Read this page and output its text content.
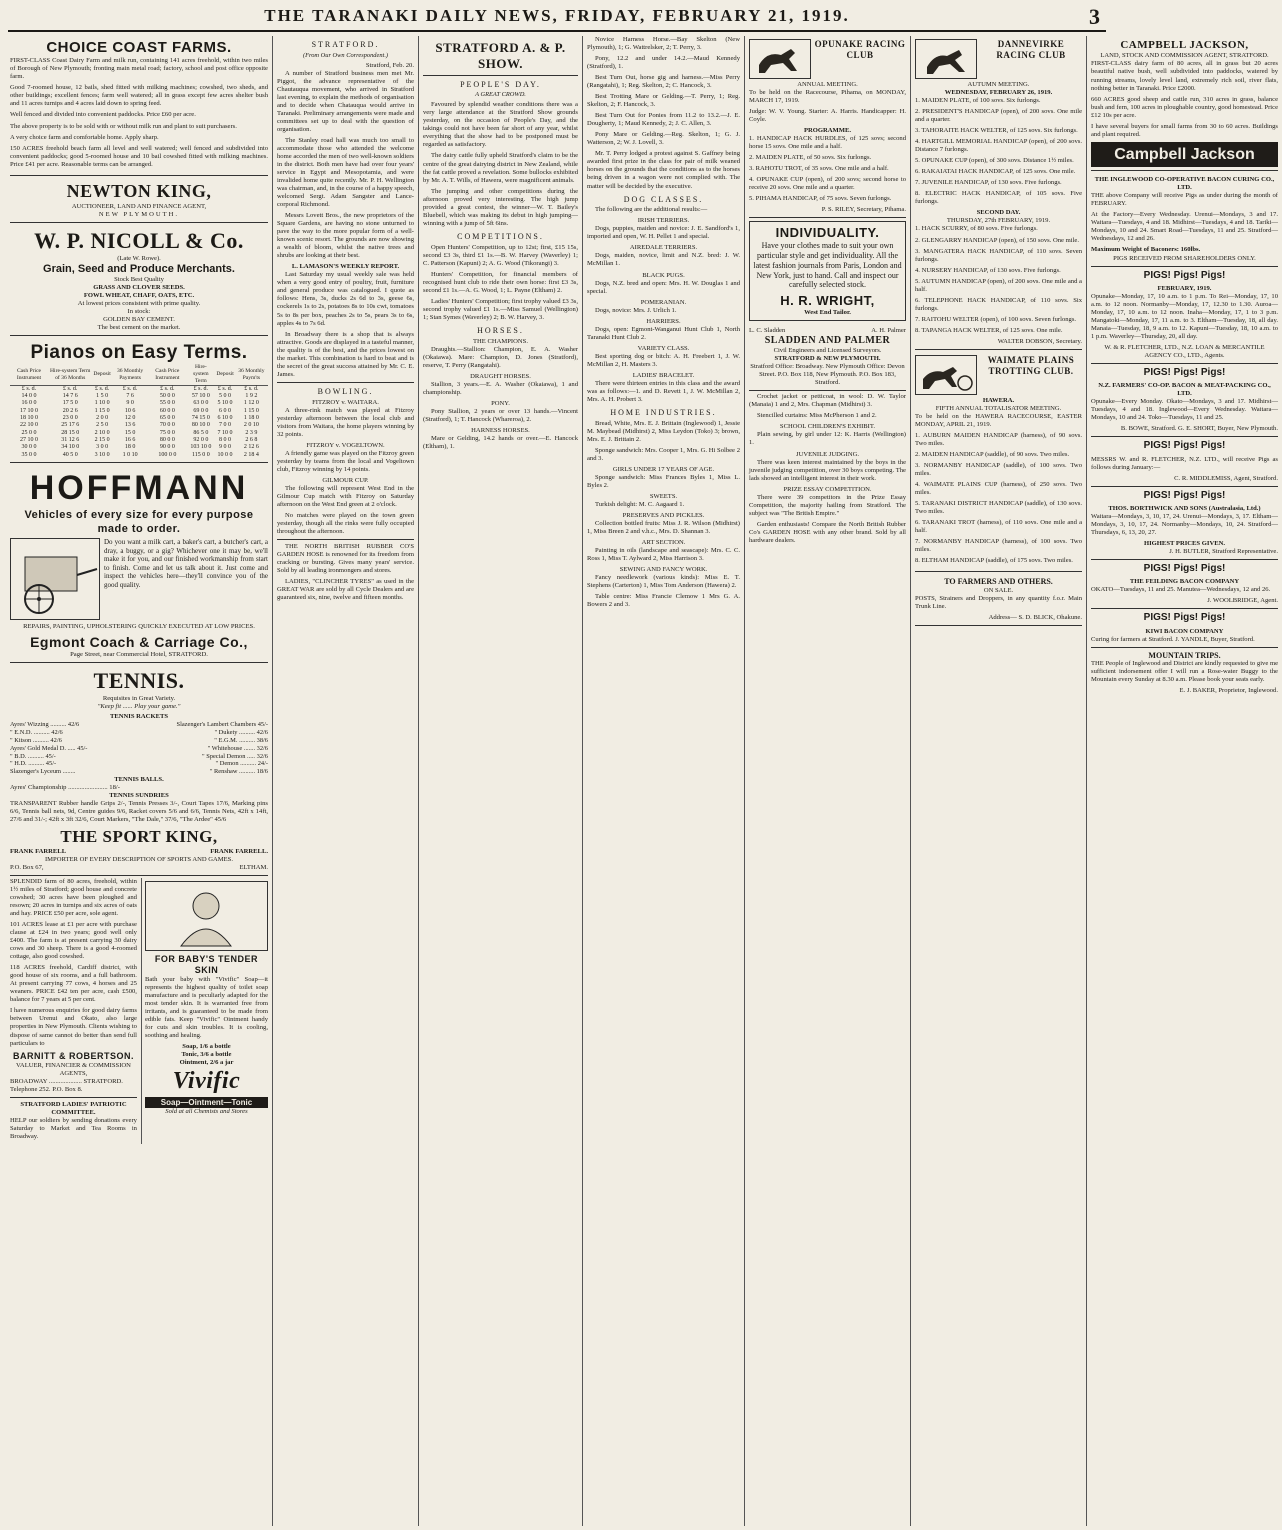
THE TARANAKI DAILY NEWS, FRIDAY, FEBRUARY 21, 1919.	3
CHOICE COAST FARMS.

FIRST-CLASS Coast Dairy Farm and milk run, containing 141 acres freehold, within two miles of Borough of New Plymouth; fronting main metal road; factory, school and post office opposite farm.

Good 7-roomed house, 12 bails, shed fitted with milking machines; cowshed, two sheds, and other buildings; excellent fences; farm well watered; all in grass except few acres shelter bush and 11 acres turnips and 4 acres laid down to spring feed.

Well fenced and divided into convenient paddocks. Price £60 per acre.

The above property is to be sold with or without milk run and plant to suit purchasers.

A very choice farm and comfortable home. Apply sharp.

150 ACRES freehold beach farm all level and well watered; well fenced and subdivided into convenient paddocks; good 5-roomed house and 10 bail cowshed fitted with milking machines. Price £41 per acre. Reasonable terms can be arranged.

NEWTON KING,
AUCTIONEER, LAND AND FINANCE AGENT,
NEW PLYMOUTH.
W. P. NICOLL & Co.
(Late W. Rowe).
Grain, Seed and Produce Merchants.
Stock Best Quality
GRASS AND CLOVER SEEDS.
FOWL WHEAT, CHAFF, OATS, ETC.
At lowest prices consistent with prime quality.
In stock:
GOLDEN BAY CEMENT.
The best cement on the market.
Pianos on Easy Terms.
Cash Price Instrument	Hire-system Term of 36 Months	Deposit	36 Monthly Payments	Cash Price Instrument	Hire-system Term	Deposit	36 Monthly Paym'ts
£ s. d.	£ s. d.	£ s. d.	£ s. d.	£ s. d.	£ s. d.	£ s. d.	£ s. d.
14 0 0	14 7 6	1 5 0	7 6	50 0 0	57 10 0	5 0 0	1 9 2
16 0 0	17 5 0	1 10 0	9 0	55 0 0	63 0 0	5 10 0	1 12 0
17 10 0	20 2 6	1 15 0	10 6	60 0 0	69 0 0	6 0 0	1 15 0
18 10 0	23 0 0	2 0 0	12 0	65 0 0	74 15 0	6 10 0	1 18 0
22 10 0	25 17 6	2 5 0	13 6	70 0 0	80 10 0	7 0 0	2 0 10
25 0 0	28 15 0	2 10 0	15 0	75 0 0	86 5 0	7 10 0	2 3 9
27 10 0	31 12 6	2 15 0	16 6	80 0 0	92 0 0	8 0 0	2 6 8
30 0 0	34 10 0	3 0 0	18 0	90 0 0	103 10 0	9 0 0	2 12 6
35 0 0	40 5 0	3 10 0	1 0 10	100 0 0	115 0 0	10 0 0	2 18 4
HOFFMANN
Vehicles of every size for every purpose made to order.

Do you want a milk cart, a baker's cart, a butcher's cart, a dray, a buggy, or a gig? Whichever one it may be, we'll make it for you, and our finished workmanship from start to finish. Come and let us talk about it. Just come and inspect the vehicles here—they'll convince you of the good quality.

REPAIRS, PAINTING, UPHOLSTERING QUICKLY EXECUTED AT LOW PRICES.
Egmont Coach & Carriage Co.,
Page Street, near Commercial Hotel, STRATFORD.
TENNIS.
Requisites in Great Variety.
"Keep fit ...... Play your game."
TENNIS RACKETS
Ayres' Wizzing .......... 42/6	Slazenger's Lambert Chambers 45/-
" E.N.D. .......... 42/6	" Dukety .......... 42/6
" Kitson .......... 42/6	" E.G.M. .......... 38/6
Ayres' Gold Medal D. ..... 45/-	" Whitehouse ....... 32/6
" B.D. .......... 45/-	" Special Demon ..... 32/6
" H.D. .......... 45/-	" Demon .......... 24/-
Slazenger's Lyceum ........	" Renshaw .......... 18/6
TENNIS BALLS.
Ayres' Championship ........................ 18/-
TENNIS SUNDRIES

TRANSPARENT Rubber handle Grips 2/-, Tennis Presses 3/-, Court Tapes 17/6, Marking pins 6/6, Tennis ball nets, 9d, Centre guides 9/6, Racket covers 5/6 and 6/6, Tennis Nets, 42ft x 14ft, 27/6 and 31/-; 42ft x 3ft 32/6, Court Markers, "The Dale," 37/6, "The Ardee" 45/6

THE SPORT KING,
FRANK FARRELL	FRANK FARRELL.
IMPORTER OF EVERY DESCRIPTION OF SPORTS AND GAMES.
P.O. Box 67,	ELTHAM.

SPLENDID farm of 80 acres, freehold, within 1½ miles of Stratford; good house and concrete cowshed; 30 acres have been ploughed and resown; 20 acres in turnips and six acres of oats and hay. PRICE £50 per acre, sole agent.

101 ACRES lease at £1 per acre with purchase clause at £24 in two years; good well only £400. The farm is at present carrying 30 dairy cows and 30 sheep. There is a good 4-roomed cottage, also good cowshed.

118 ACRES freehold, Cardiff district, with good house of six rooms, and a full bathroom. At present carrying 77 cows, 4 horses and 25 weaners. PRICE £42 ten per acre, cash £500, balance for 7 years at 5 per cent.

I have numerous enquiries for good dairy farms between Urenui and Okato, also large properties in New Plymouth. Clients wishing to dispose of same cannot do better than send full particulars to

BARNITT & ROBERTSON.
VALUER, FINANCIER & COMMISSION AGENTS,
BROADWAY .................... STRATFORD.
Telephone 252. P.O. Box 8.
STRATFORD LADIES' PATRIOTIC COMMITTEE.

HELP our soldiers by sending donations every Saturday to Market and Tea Rooms in Broadway.

FOR BABY'S TENDER SKIN

Bath your baby with "Vivific" Soap—it represents the highest quality of toilet soap manufacture and is peculiarly adapted for the most tender skin. It is warranted free from irritants, and is guaranteed to be made from edible fats. Keep "Vivific" Ointment handy for cuts and skin troubles. It is cooling, soothing and healing.

Soap, 1/6 a bottle
Tonic, 3/6 a bottle
Ointment, 2/6 a jar
Vivific
Soap—Ointment—Tonic
Sold at all Chemists and Stores
STRATFORD.
(From Our Own Correspondent.)
Stratford, Feb. 20.

A number of Stratford business men met Mr. Piggot, the advance representative of the Chautauqua movement, who arrived in Stratford last evening, to explain the methods of organisation and to decide when Chatauqua would arrive in Taranaki. Preliminary arrangements were made and committees set up to deal with the question of organisation.

The Stanley road hall was much too small to accommodate those who attended the welcome home accorded the men of two well-known soldiers in the district. Both men have had over four years' service in Egypt and Mesopotamia, and were invalided home quite recently. Mr. P. H. Wellington was chairman, and, in the course of a happy speech, welcomed Sergt. Adam Sangster and Lance-corporal Richmond.

Messrs Lovett Bros., the new proprietors of the Square Gardens, are having no stone unturned to pave the way to the more popular form of a well-known scenic resort. The grounds are now showing a wealth of bloom, whilst the native trees and shrubs are looking at their best.

L. LAMASON'S WEEKLY REPORT.

Last Saturday my usual weekly sale was held when a very good entry of poultry, fruit, furniture and general produce was catalogued. I quote as follows: Hens, 3s, ducks 2s 6d to 3s, geese 6s, cockerels 1s to 2s, potatoes 8s to 10s cwt, tomatoes 5s to 8s per box, peaches 2s to 5s, pears 3s to 6s, apples 4s to 7s 6d.

In Broadway there is a shop that is always attractive. Goods are displayed in a tasteful manner, the quality is of the best, and the prices lowest on the market. This combination is hard to beat and is the secret of the great success attained by Mr. C. E. James.

BOWLING.
FITZROY v. WAITARA.

A three-rink match was played at Fitzroy yesterday afternoon between the local club and visitors from Waitara, the home players winning by 32 points.

FITZROY v. VOGELTOWN.

A friendly game was played on the Fitzroy green yesterday by teams from the local and Vogeltown club, Fitzroy winning by 14 points.

GILMOUR CUP.

The following will represent West End in the Gilmour Cup match with Fitzroy on Saturday afternoon on the West End green at 2 o'clock.

No matches were played on the town green yesterday, though all the rinks were fully occupied throughout the afternoon.

THE NORTH BRITISH RUBBER CO'S GARDEN HOSE is renowned for its freedom from cracking or bursting. Gives many years' service. Sold by all leading ironmongers and stores.

LADIES, "CLINCHER TYRES" as used in the GREAT WAR are sold by all Cycle Dealers and are guaranteed six, nine, twelve and fifteen months.

STRATFORD A. & P. SHOW.
PEOPLE'S DAY.
A GREAT CROWD.

Favoured by splendid weather conditions there was a very large attendance at the Stratford Show grounds yesterday, on the occasion of People's Day, and the takings could not have been far short of any year, whilst everything that the show had to be postponed must be regarded as satisfactory.

The dairy cattle fully upheld Stratford's claim to be the centre of the great dairying district in New Zealand, while the fat cattle proved a revelation. Some bullocks exhibited by Mr. A. T. Wills, of Hawera, were magnificent animals.

The jumping and other competitions during the afternoon proved very interesting. The high jump provided a great contest, the winner—W. T. Bailey's Bluebell, which was making its debut in high jumping—winning with a jump of 5ft 6ins.

COMPETITIONS.

Open Hunters' Competition, up to 12st; first, £15 15s, second £3 3s, third £1 1s.—B. W. Harvey (Waverley) 1; C. Patterson (Kapuni) 2; A. G. Wood (Tikorangi) 3.

Hunters' Competition, for financial members of recognised hunt club to ride their own horse: first £3 3s, second £1 1s.—A. G. Wood, 1; L. Payne (Eltham) 2.

Ladies' Hunters' Competition; first trophy valued £3 3s, second trophy valued £1 1s.—Miss Samuel (Wellington) 1; Stan Symes (Waverley) 2; B. W. Harvey, 3.

HORSES.
THE CHAMPIONS.

Draughts.—Stallion: Champion, E. A. Washer (Okaiawa). Mare: Champion, D. Jones (Stratford), reserve, T. Perry (Rangatahi).

DRAUGHT HORSES.

Stallion, 3 years.—E. A. Washer (Okaiawa), 1 and championship.

PONY.

Pony Stallion, 2 years or over 13 hands.—Vincent (Stratford), 1; T. Hancock (Whareroa), 2.

HARNESS HORSES.

Mare or Gelding, 14.2 hands or over.—E. Hancock (Eltham), 1.

Novice Harness Horse.—Bay Skelton (New Plymouth), 1; G. Wattrelsker, 2; T. Perry, 3.

Pony, 12.2 and under 14.2.—Maud Kennedy (Stratford), 1.

Best Turn Out, horse gig and harness.—Miss Perry (Rangatahi), 1; Reg. Skelton, 2; C. Hancock, 3.

Best Trotting Mare or Gelding.—T. Perry, 1; Reg. Skelton, 2; F. Hancock, 3.

Best Turn Out for Ponies from 11.2 to 13.2.—J. E. Dougherty, 1; Maud Kennedy, 2; J. C. Allen, 3.

Pony Mare or Gelding.—Reg. Skelton, 1; G. J. Watterson, 2; W. J. Lovell, 3.

Mr. T. Perry lodged a protest against S. Gaffney being awarded first prize in the class for pair of milk weaned horses on the grounds that the conditions as to the horses being driven in a wagon were not complied with. The matter will be decided by the executive.

DOG CLASSES.

The following are the additional results:—

IRISH TERRIERS.

Dogs, puppies, maiden and novice: J. E. Sandford's 1, imported and open, W. H. Pellet 1 and special.

AIREDALE TERRIERS.

Dogs, maiden, novice, limit and N.Z. bred: J. W. McMillan 1.

BLACK PUGS.

Dogs, N.Z. bred and open: Mrs. H. W. Douglas 1 and special.

POMERANIAN.

Dogs, novice: Mrs. J. Urlich 1.

HARRIERS.

Dogs, open: Egmont-Wanganui Hunt Club 1, North Taranaki Hunt Club 2.

VARIETY CLASS.

Best sporting dog or bitch: A. H. Freebert 1, J. W. McMillan 2, H. Masters 3.

LADIES' BRACELET.

There were thirteen entries in this class and the award was as follows:—1. and D. Revett 1, J. W. McMillan 2, Mrs. A. H. Probert 3.

HOME INDUSTRIES.

Bread, White, Mrs. E. J. Brittain (Inglewood) 1, Jessie M. Maybead (Midhirst) 2, Miss Leydon (Toko) 3; brown, Mrs. E. J. Brittain 2.

Sponge sandwich: Mrs. Cooper 1, Mrs. G. Hi Solbee 2 and 3.

GIRLS UNDER 17 YEARS OF AGE.

Sponge sandwich: Miss Frances Byles 1, Miss L. Byles 2.

SWEETS.

Turkish delight: M. C. Aagaard 1.

PRESERVES AND PICKLES.

Collection bottled fruits: Miss J. R. Wilson (Midhirst) 1, Miss Breen 2 and v.h.c., Mrs. D. Shannan 3.

ART SECTION.

Painting in oils (landscape and seascape): Mrs. C. C. Ross 1, Miss T. Aylward 2, Miss Harrison 3.

SEWING AND FANCY WORK.

Fancy needlework (various kinds): Miss E. T. Stephens (Carterton) 1, Miss Tom Anderson (Hawera) 2.

Table centre: Miss Francie Clemow 1 Mrs G. A. Bowers 2 and 3.

OPUNAKE RACING CLUB
ANNUAL MEETING.

To be held on the Racecourse, Pihama, on MONDAY, MARCH 17, 1919.

Judge: W. V. Young. Starter: A. Harris. Handicapper: H. Coyle.

PROGRAMME.

1. HANDICAP HACK HURDLES, of 125 sovs; second horse 15 sovs. One mile and a half.

2. MAIDEN PLATE, of 50 sovs. Six furlongs.

3. RAHOTU TROT, of 35 sovs. One mile and a half.

4. OPUNAKE CUP (open), of 200 sovs; second horse to receive 20 sovs. One mile and a quarter.

5. PIHAMA HANDICAP, of 75 sovs. Seven furlongs.

P. S. RILEY, Secretary, Pihama.
INDIVIDUALITY.

Have your clothes made to suit your own particular style and get individuality. All the latest fashion journals from Paris, London and New York, just to hand. Call and inspect our carefully selected stock.

H. R. WRIGHT,
West End Tailor.
L. C. Sladden	A. H. Palmer
SLADDEN AND PALMER
Civil Engineers and Licensed Surveyors.
STRATFORD & NEW PLYMOUTH.
Stratford Office: Broadway. New Plymouth Office: Devon Street. P.O. Box 118, New Plymouth. P.O. Box 183, Stratford.

Crochet jacket or petticoat, in wool: D. W. Taylor (Manaia) 1 and 2, Mrs. Chapman (Midhirst) 3.

Stencilled curtains: Miss McPherson 1 and 2.

SCHOOL CHILDREN'S EXHIBIT.

Plain sewing, by girl under 12: K. Harris (Wellington) 1.

JUVENILE JUDGING.

There was keen interest maintained by the boys in the juvenile judging competition, over 30 boys competing. The lads showed an intelligent interest in their work.

PRIZE ESSAY COMPETITION.

There were 39 competitors in the Prize Essay Competition, the majority hailing from Stratford. The subject was "The British Empire."

Garden enthusiasts! Compare the North British Rubber Co's GARDEN HOSE with any other brand. Sold by all hardware dealers.

DANNEVIRKE RACING CLUB
AUTUMN MEETING.
WEDNESDAY, FEBRUARY 26, 1919.

1. MAIDEN PLATE, of 100 sovs. Six furlongs.

2. PRESIDENT'S HANDICAP (open), of 200 sovs. One mile and a quarter.

3. TAHORAITE HACK WELTER, of 125 sovs. Six furlongs.

4. HARTGILL MEMORIAL HANDICAP (open), of 200 sovs. Distance 7 furlongs.

5. OPUNAKE CUP (open), of 300 sovs. Distance 1½ miles.

6. RAKAIATAI HACK HANDICAP, of 125 sovs. One mile.

7. JUVENILE HANDICAP, of 130 sovs. Five furlongs.

8. ELECTRIC HACK HANDICAP, of 105 sovs. Five furlongs.

SECOND DAY.
THURSDAY, 27th FEBRUARY, 1919.

1. HACK SCURRY, of 80 sovs. Five furlongs.

2. GLENGARRY HANDICAP (open), of 150 sovs. One mile.

3. MANGATERA HACK HANDICAP, of 110 sovs. Seven furlongs.

4. NURSERY HANDICAP, of 130 sovs. Five furlongs.

5. AUTUMN HANDICAP (open), of 200 sovs. One mile and a half.

6. TELEPHONE HACK HANDICAP, of 110 sovs. Six furlongs.

7. RAITOHU WELTER (open), of 100 sovs. Seven furlongs.

8. TAPANGA HACK WELTER, of 125 sovs. One mile.

WALTER DOBSON, Secretary.
WAIMATE PLAINS TROTTING CLUB.
HAWERA.
FIFTH ANNUAL TOTALISATOR MEETING.

To be held on the HAWERA RACECOURSE, EASTER MONDAY, APRIL 21, 1919.

1. AUBURN MAIDEN HANDICAP (harness), of 90 sovs. Two miles.

2. MAIDEN HANDICAP (saddle), of 90 sovs. Two miles.

3. NORMANBY HANDICAP (saddle), of 100 sovs. Two miles.

4. WAIMATE PLAINS CUP (harness), of 250 sovs. Two miles.

5. TARANAKI DISTRICT HANDICAP (saddle), of 130 sovs. Two miles.

6. TARANAKI TROT (harness), of 110 sovs. One mile and a half.

7. NORMANBY HANDICAP (harness), of 100 sovs. Two miles.

8. ELTHAM HANDICAP (saddle), of 175 sovs. Two miles.

TO FARMERS AND OTHERS.
ON SALE.

POSTS, Strainers and Droppers, in any quantity f.o.r. Main Trunk Line.

Address— S. D. BLICK, Ohakune.
CAMPBELL JACKSON,
LAND, STOCK AND COMMISSION AGENT, STRATFORD.

FIRST-CLASS dairy farm of 80 acres, all in grass but 20 acres beautiful native bush, well subdivided into paddocks, watered by running streams, lovely level land, extremely rich soil, river flats, nothing better in Taranaki. Price £2000.

660 ACRES good sheep and cattle run, 310 acres in grass, balance bush and fern, 100 acres in ploughable country, good homestead. Price £12 10s per acre.

I have several buyers for small farms from 30 to 60 acres. Buildings and plant required.

Campbell Jackson
THE INGLEWOOD CO-OPERATIVE BACON CURING CO., LTD.

THE above Company will receive Pigs as under during the month of FEBRUARY.

At the Factory—Every Wednesday. Urenui—Mondays, 3 and 17. Waitara—Tuesdays, 4 and 18. Midhirst—Tuesdays, 4 and 18. Tariki—Mondays, 10 and 24. Smart Road—Tuesdays, 11 and 25. Stratford—Wednesdays, 12 and 26.

Maximum Weight of Baconers: 160lbs.
PIGS RECEIVED FROM SHAREHOLDERS ONLY.
PIGS! Pigs! Pigs!
FEBRUARY, 1919.

Opunake—Monday, 17, 10 a.m. to 1 p.m. To Rei—Monday, 17, 10 a.m. to 12 noon. Normanby—Monday, 17, 12.30 to 1.30. Auroa—Monday, 17, 10 a.m. to 12 noon. Inaha—Monday, 17, 1 to 3 p.m. Mangatoki—Monday, 17, 11 a.m. to 3. Eltham—Tuesday, 18, all day. Manaia—Tuesday, 18, 9 a.m. to 12. Kapuni—Tuesday, 18, 10 a.m. to 1 p.m. Waverley—Thursday, 20, all day.

W. & R. FLETCHER, LTD., N.Z. LOAN & MERCANTILE AGENCY CO., LTD., Agents.
PIGS! Pigs! Pigs!
N.Z. FARMERS' CO-OP. BACON & MEAT-PACKING CO., LTD.

Opunake—Every Monday. Okato—Mondays, 3 and 17. Midhirst—Tuesdays, 4 and 18. Inglewood—Every Wednesday. Waitara—Mondays, 10 and 24. Toko—Tuesdays, 11 and 25.

B. BOWE, Stratford. G. E. SHORT, Buyer, New Plymouth.
PIGS! Pigs! Pigs!

MESSRS W. and R. FLETCHER, N.Z. LTD., will receive Pigs as follows during January:—

C. R. MIDDLEMISS, Agent, Stratford.
PIGS! Pigs! Pigs!
THOS. BORTHWICK AND SONS (Australasia, Ltd.)

Waitara—Mondays, 3, 10, 17, 24. Urenui—Mondays, 3, 17. Eltham—Mondays, 3, 10, 17, 24. Normanby—Mondays, 10, 24. Stratford—Thursdays, 6, 13, 20, 27.

HIGHEST PRICES GIVEN.
J. H. BUTLER, Stratford Representative.
PIGS! Pigs! Pigs!
THE FEILDING BACON COMPANY

OKATO—Tuesdays, 11 and 25. Manutea—Wednesdays, 12 and 26.

J. WOOLBRIDGE, Agent.
PIGS! Pigs! Pigs!
KIWI BACON COMPANY

Curing for farmers at Stratford. J. YANDLE, Buyer, Stratford.

MOUNTAIN TRIPS.

THE People of Inglewood and District are kindly requested to give me sufficient indorsement offer I will run a Rose-water Buggy to the Mountain every Sunday at 8.30 a.m. Please book your seats early.

E. J. BAKER, Proprietor, Inglewood.
